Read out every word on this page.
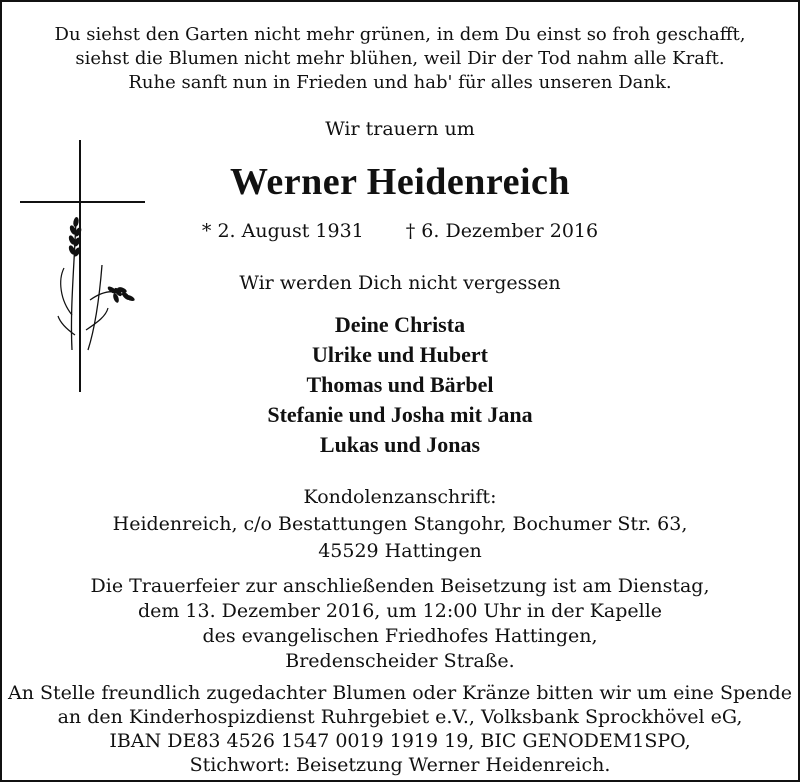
Du siehst den Garten nicht mehr grünen, in dem Du einst so froh geschafft,
siehst die Blumen nicht mehr blühen, weil Dir der Tod nahm alle Kraft.
Ruhe sanft nun in Frieden und hab' für alles unseren Dank.
Wir trauern um
Werner Heidenreich
* 2. August 1931 † 6. Dezember 2016
Wir werden Dich nicht vergessen
Deine Christa
Ulrike und Hubert
Thomas und Bärbel
Stefanie und Josha mit Jana
Lukas und Jonas
Kondolenzanschrift:
Heidenreich, c/o Bestattungen Stangohr, Bochumer Str. 63,
45529 Hattingen
Die Trauerfeier zur anschließenden Beisetzung ist am Dienstag,
dem 13. Dezember 2016, um 12:00 Uhr in der Kapelle
des evangelischen Friedhofes Hattingen,
Bredenscheider Straße.
An Stelle freundlich zugedachter Blumen oder Kränze bitten wir um eine Spende
an den Kinderhospizdienst Ruhrgebiet e.V., Volksbank Sprockhövel eG,
IBAN DE83 4526 1547 0019 1919 19, BIC GENODEM1SPO,
Stichwort: Beisetzung Werner Heidenreich.
